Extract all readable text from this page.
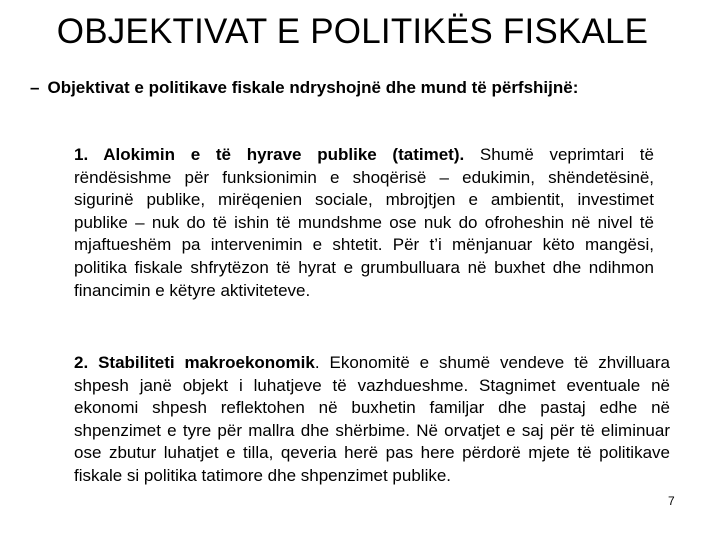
OBJEKTIVAT E POLITIKËS FISKALE
– Objektivat e politikave fiskale ndryshojnë dhe mund të përfshijnë:

1. Alokimin e të hyrave publike (tatimet). Shumë veprimtari të rëndësishme për funksionimin e shoqërisë – edukimin, shëndetësinë, sigurinë publike, mirëqenien sociale, mbrojtjen e ambientit, investimet publike – nuk do të ishin të mundshme ose nuk do ofroheshin në nivel të mjaftueshëm pa intervenimin e shtetit. Për t’i mënjanuar këto mangësi, politika fiskale shfrytëzon të hyrat e grumbulluara në buxhet dhe ndihmon financimin e këtyre aktiviteteve.

2. Stabiliteti makroekonomik. Ekonomitë e shumë vendeve të zhvilluara shpesh janë objekt i luhatjeve të vazhdueshme. Stagnimet eventuale në ekonomi shpesh reflektohen në buxhetin familjar dhe pastaj edhe në shpenzimet e tyre për mallra dhe shërbime. Në orvatjet e saj për të eliminuar ose zbutur luhatjet e tilla, qeveria herë pas here përdorë mjete të politikave fiskale si politika tatimore dhe shpenzimet publike.

7
